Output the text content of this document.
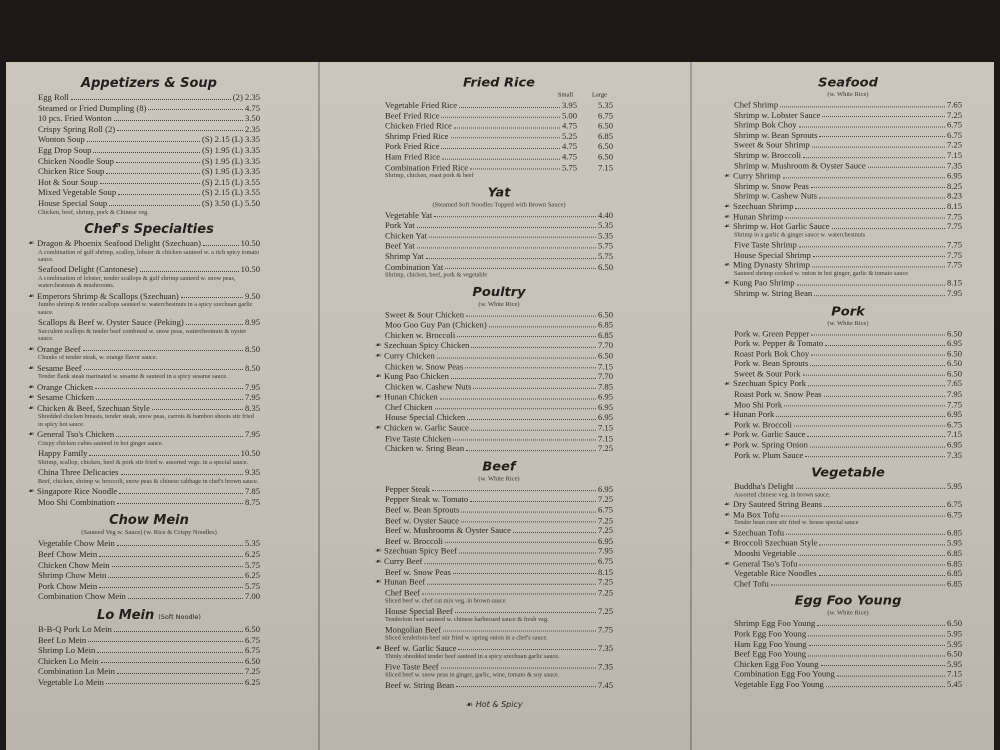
Appetizers & Soup
Egg Roll	(2) 2.35
Steamed or Fried Dumpling (8)	4.75
10 pcs. Fried Wonton	3.50
Crispy Spring Roll (2)	2.35
Wonton Soup	(S) 2.15 (L) 3.35
Egg Drop Soup	(S) 1.95 (L) 3.35
Chicken Noodle Soup	(S) 1.95 (L) 3.35
Chicken Rice Soup	(S) 1.95 (L) 3.35
Hot & Sour Soup	(S) 2.15 (L) 3.55
Mixed Vegetable Soup	(S) 2.15 (L) 3.55
House Special Soup	(S) 3.50 (L) 5.50
Chicken, beef, shrimp, pork & Chinese veg.
Chef's Specialties
☙ Dragon & Phoenix Seafood Delight (Szechuan)	10.50
A combination of gulf shrimp, scallop, lobster & chicken sauteed w. a rich spicy tomato sauce.
Seafood Delight (Cantonese)	10.50
A combination of lobster, tender scallops & gulf shrimp sauteed w. snow peas, waterchestnuts & mushrooms.
☙ Emperors Shrimp & Scallops (Szechuan)	9.50
Jumbo shrimp & tender scallops sauteed w. waterchestnuts in a spicy szechuan garlic sauce.
Scallops & Beef w. Oyster Sauce (Peking)	8.95
Succulent scallops & tender beef combined w. snow peas, waterchestnuts & oyster sauce.
☙ Orange Beef	8.50
Chunks of tender steak, w. orange flavor sauce.
☙ Sesame Beef	8.50
Tender flank steak marinated w. sesame & sauteed in a spicy sesame sauce.
☙ Orange Chicken	7.95
☙ Sesame Chicken	7.95
☙ Chicken & Beef, Szechuan Style	8.35
Shredded chicken breasts, tender steak, snow peas, carrots & bamboo shoots stir fried in spicy hot sauce.
☙ General Tso's Chicken	7.95
Crispy chicken cubes sauteed in hot ginger sauce.
Happy Family	10.50
Shrimp, scallop, chicken, beef & pork stir fried w. assorted vegs. in a special sauce.
China Three Delicacies	9.35
Beef, chicken, shrimp w. broccoli, snow peas & chinese cabbage in chef's brown sauce.
☙ Singapore Rice Noodle	7.85
Moo Shi Combination	8.75
Chow Mein
(Sauteed Veg w. Sauce) (w. Rice & Crispy Noodles)
Vegetable Chow Mein	5.35
Beef Chow Mein	6.25
Chicken Chow Mein	5.75
Shrimp Chow Mein	6.25
Pork Chow Mein	5.75
Combination Chow Mein	7.00
Lo Mein (Soft Noodle)
B-B-Q Pork Lo Mein	6.50
Beef Lo Mein	6.75
Shrimp Lo Mein	6.75
Chicken Lo Mein	6.50
Combination Lo Mein	7.25
Vegetable Lo Mein	6.25
Fried Rice
Small	Large
Vegetable Fried Rice	3.95	5.35
Beef Fried Rice	5.00	6.75
Chicken Fried Rice	4.75	6.50
Shrimp Fried Rice	5.25	6.85
Pork Fried Rice	4.75	6.50
Ham Fried Rice	4.75	6.50
Combination Fried Rice	5.75	7.15
Shrimp, chicken, roast pork & beef
Yat
(Steamed Soft Noodles Topped with Brown Sauce)
Vegetable Yat	4.40
Pork Yat	5.35
Chicken Yat	5.35
Beef Yat	5.75
Shrimp Yat	5.75
Combination Yat	6.50
Shrimp, chicken, beef, pork & vegetable
Poultry
(w. White Rice)
Sweet & Sour Chicken	6.50
Moo Goo Guy Pan (Chicken)	6.85
Chicken w. Broccoli	6.85
☙ Szechuan Spicy Chicken	7.70
☙ Curry Chicken	6.50
Chicken w. Snow Peas	7.15
☙ Kung Pao Chicken	7.70
Chicken w. Cashew Nuts	7.85
☙ Hunan Chicken	6.95
Chef Chicken	6.95
House Special Chicken	6.95
☙ Chicken w. Garlic Sauce	7.15
Five Taste Chicken	7.15
Chicken w. Sring Bean	7.25
Beef
(w. White Rice)
Pepper Steak	6.95
Pepper Steak w. Tomato	7.25
Beef w. Bean Sprouts	6.75
Beef w. Oyster Sauce	7.25
Beef w. Mushrooms & Oyster Sauce	7.25
Beef w. Broccoli	6.95
☙ Szechuan Spicy Beef	7.95
☙ Curry Beef	6.75
Beef w. Snow Peas	8.15
☙ Hunan Beef	7.25
Chef Beef	7.25
Sliced beef w. chef cut mix veg. in brown sauce.
House Special Beef	7.25
Tenderloin beef sauteed w. chinese barbecued sauce & fresh veg.
Mongolian Beef	7.75
Sliced tenderloin beef stir fried w. spring onion in a chef's sauce.
☙ Beef w. Garlic Sauce	7.35
Thinly shredded tender beef sauteed in a spicy szechuan garlic sauce.
Five Taste Beef	7.35
Sliced beef w. snow peas in ginger, garlic, wine, tomato & soy sauce.
Beef w. String Bean	7.45
Seafood
(w. White Rice)
Chef Shrimp	7.65
Shrimp w. Lobster Sauce	7.25
Shrimp Bok Choy	6.75
Shrimp w. Bean Sprouts	6.75
Sweet & Sour Shrimp	7.25
Shrimp w. Broccoli	7.15
Shrimp w. Mushroom & Oyster Sauce	7.35
☙ Curry Shrimp	6.95
Shrimp w. Snow Peas	8.25
Shrimp w. Cashew Nuts	8.23
☙ Szechuan Shrimp	8.15
☙ Hunan Shrimp	7.75
☙ Shrimp w. Hot Garlic Sauce	7.75
Shrimp in a garlic & ginger sauce w. waterchestnuts
Five Taste Shrimp	7.75
House Special Shrimp	7.75
☙ Ming Dynasty Shrimp	7.75
Sauteed shrimp cooked w. onion in hot ginger, garlic & tomato sauce
☙ Kung Pao Shrimp	8.15
Shrimp w. String Bean	7.95
Pork
(w. White Rice)
Pork w. Green Pepper	6.50
Pork w. Pepper & Tomato	6.95
Roast Pork Bok Choy	6.50
Pork w. Bean Sprouts	6.50
Sweet & Sour Pork	6.50
☙ Szechuan Spicy Pork	7.65
Roast Pork w. Snow Peas	7.95
Moo Shi Pork	7.75
☙ Hunan Pork	6.95
Pork w. Broccoli	6.75
☙ Pork w. Garlic Sauce	7.15
☙ Pork w. Spring Onion	6.95
Pork w. Plum Sauce	7.35
Vegetable
Buddha's Delight	5.95
Assorted chinese veg. in brown sauce.
☙ Dry Sauteed String Beans	6.75
☙ Ma Box Tofu	6.75
Tender bean cure stir fried w. house special sauce
☙ Szechuan Tofu	6.85
☙ Broccoli Szechuan Style	5.95
Mooshi Vegetable	6.85
☙ General Tso's Tofu	6.85
Vegetable Rice Noodles	6.85
Chef Tofu	6.85
Egg Foo Young
(w. White Rice)
Shrimp Egg Foo Young	6.50
Pork Egg Foo Young	5.95
Ham Egg Foo Young	5.95
Beef Egg Foo Young	6.50
Chicken Egg Foo Young	5.95
Combination Egg Foo Young	7.15
Vegetable Egg Foo Young	5.45
☙ Hot & Spicy
